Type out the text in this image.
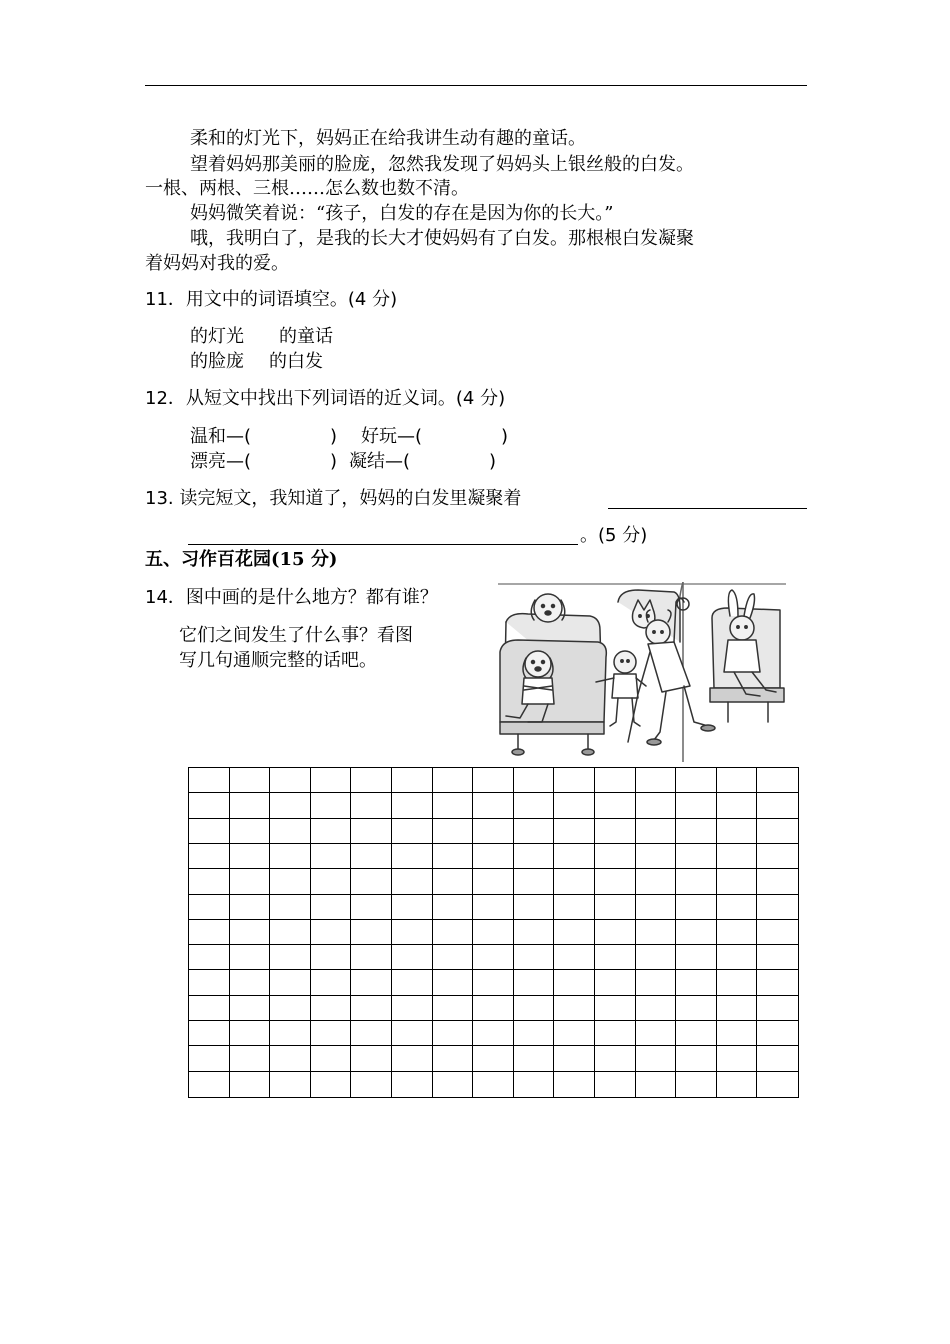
柔和的灯光下，妈妈正在给我讲生动有趣的童话。
望着妈妈那美丽的脸庞，忽然我发现了妈妈头上银丝般的白发。
一根、两根、三根……怎么数也数不清。
妈妈微笑着说：“孩子，白发的存在是因为你的长大。”
哦，我明白了，是我的长大才使妈妈有了白发。那根根白发凝聚
着妈妈对我的爱。
11．用文中的词语填空。(4 分)
的灯光 的童话
的脸庞 的白发
12．从短文中找出下列词语的近义词。(4 分)
温和—(	) 好玩—(	)
漂亮—(	) 凝结—(	)
13. 读完短文，我知道了，妈妈的白发里凝聚着
。(5 分)
五、习作百花园(15 分)
14．图中画的是什么地方？都有谁？
它们之间发生了什么事？看图
写几句通顺完整的话吧。
